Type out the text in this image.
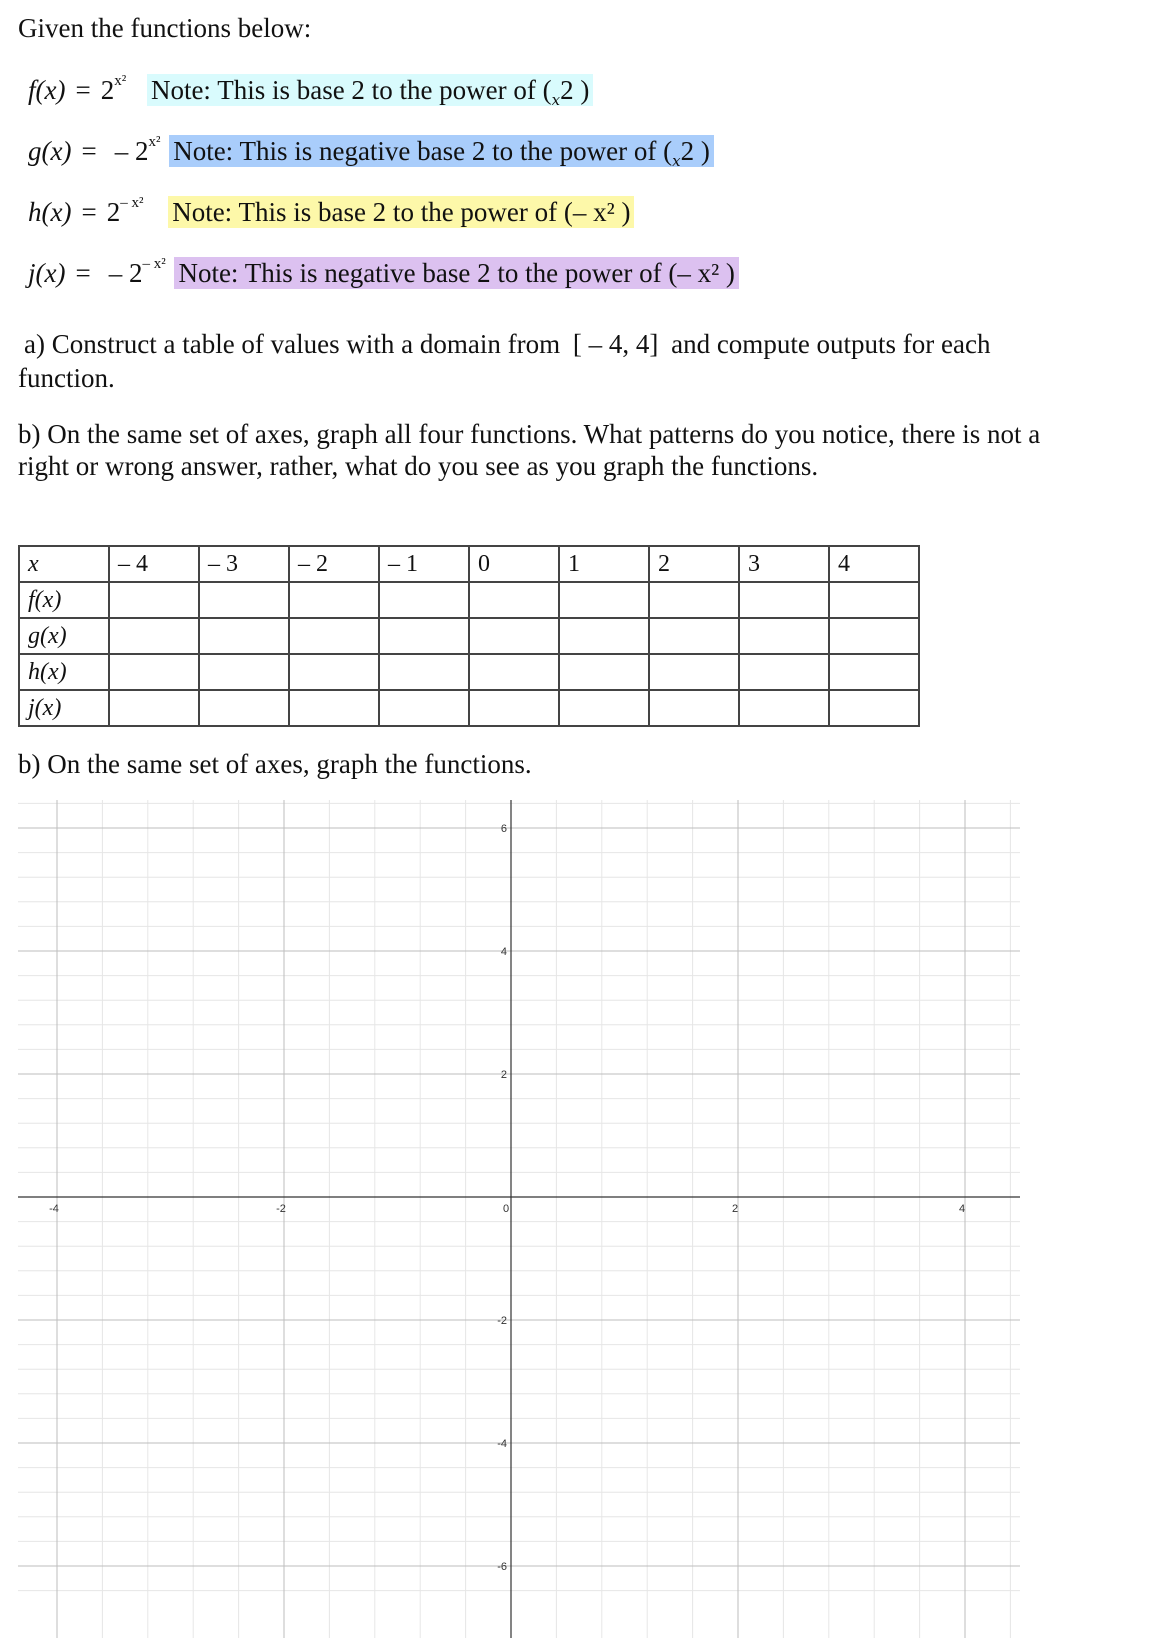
Given the functions below:
$f(x) = 2^{x^2}$ Note: This is base 2 to the power of ($_x2$ )
g(x) = – $2^{x^2}$ Note: This is negative base 2 to the power of ($_x2$ )
$h(x) = 2^{- x^2}$ Note: This is base 2 to the power of (– x² )
j(x) = – $2^{- x^2}$ Note: This is negative base 2 to the power of (– x² )
a) Construct a table of values with a domain from [ – 4, 4] and compute outputs for each
function.
b) On the same set of axes, graph all four functions. What patterns do you notice, there is not a
right or wrong answer, rather, what do you see as you graph the functions.
x	– 4	– 3	– 2	– 1	0	1	2	3	4
f(x)									
g(x)									
h(x)									
j(x)									
b) On the same set of axes, graph the functions.
-4	-2	0	2	4
6
4
2
-2
-4
-6
